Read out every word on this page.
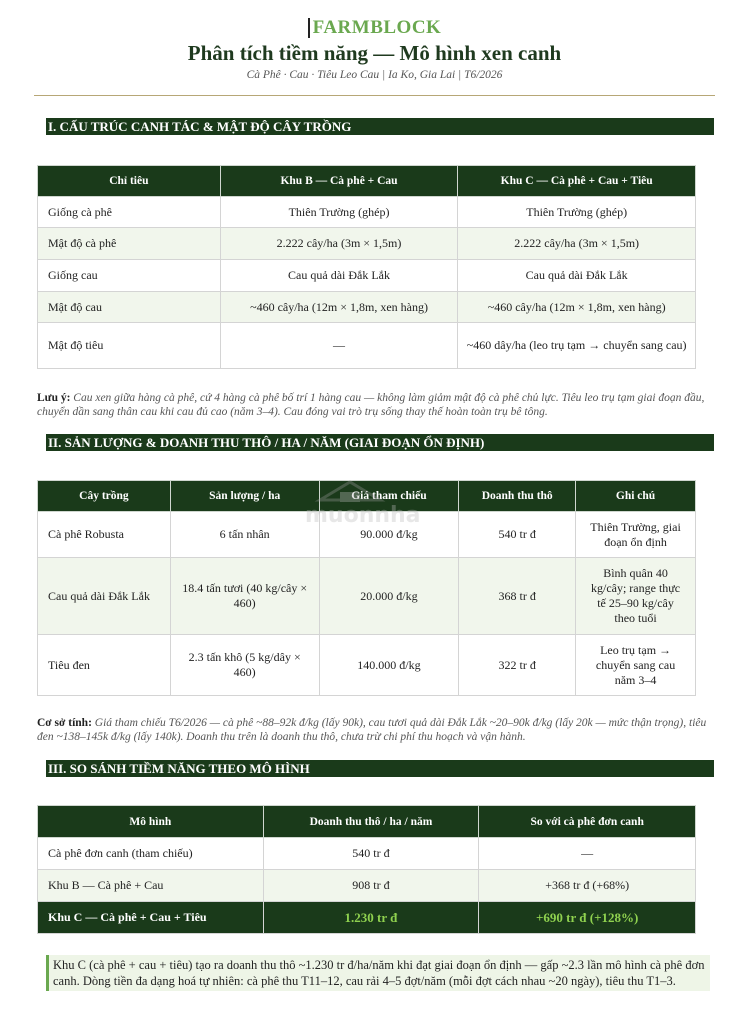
FARMBLOCK
Phân tích tiềm năng — Mô hình xen canh
Cà Phê · Cau · Tiêu Leo Cau | Ia Ko, Gia Lai | T6/2026
I. CẤU TRÚC CANH TÁC & MẬT ĐỘ CÂY TRỒNG
Chỉ tiêu	Khu B — Cà phê + Cau	Khu C — Cà phê + Cau + Tiêu
Giống cà phê	Thiên Trường (ghép)	Thiên Trường (ghép)
Mật độ cà phê	2.222 cây/ha (3m × 1,5m)	2.222 cây/ha (3m × 1,5m)
Giống cau	Cau quả dài Đắk Lắk	Cau quả dài Đắk Lắk
Mật độ cau	~460 cây/ha (12m × 1,8m, xen hàng)	~460 cây/ha (12m × 1,8m, xen hàng)
Mật độ tiêu	—	~460 dây/ha (leo trụ tạm → chuyển sang cau)
Lưu ý: Cau xen giữa hàng cà phê, cứ 4 hàng cà phê bố trí 1 hàng cau — không làm giảm mật độ cà phê chủ lực. Tiêu leo trụ tạm giai đoạn đầu, chuyển dần sang thân cau khi cau đủ cao (năm 3–4). Cau đóng vai trò trụ sống thay thế hoàn toàn trụ bê tông.
II. SẢN LƯỢNG & DOANH THU THÔ / HA / NĂM (GIAI ĐOẠN ỔN ĐỊNH)
Cây trồng	Sản lượng / ha	Giá tham chiếu	Doanh thu thô	Ghi chú
Cà phê Robusta	6 tấn nhân	90.000 đ/kg	540 tr đ	Thiên Trường, giai đoạn ổn định
Cau quả dài Đắk Lắk	18.4 tấn tươi (40 kg/cây × 460)	20.000 đ/kg	368 tr đ	Bình quân 40 kg/cây; range thực tế 25–90 kg/cây theo tuổi
Tiêu đen	2.3 tấn khô (5 kg/dây × 460)	140.000 đ/kg	322 tr đ	Leo trụ tạm → chuyển sang cau năm 3–4
muonnha
Cơ sở tính: Giá tham chiếu T6/2026 — cà phê ~88–92k đ/kg (lấy 90k), cau tươi quả dài Đắk Lắk ~20–90k đ/kg (lấy 20k — mức thận trọng), tiêu đen ~138–145k đ/kg (lấy 140k). Doanh thu trên là doanh thu thô, chưa trừ chi phí thu hoạch và vận hành.
III. SO SÁNH TIỀM NĂNG THEO MÔ HÌNH
Mô hình	Doanh thu thô / ha / năm	So với cà phê đơn canh
Cà phê đơn canh (tham chiếu)	540 tr đ	—
Khu B — Cà phê + Cau	908 tr đ	+368 tr đ (+68%)
Khu C — Cà phê + Cau + Tiêu	1.230 tr đ	+690 tr đ (+128%)
Khu C (cà phê + cau + tiêu) tạo ra doanh thu thô ~1.230 tr đ/ha/năm khi đạt giai đoạn ổn định — gấp ~2.3 lần mô hình cà phê đơn canh. Dòng tiền đa dạng hoá tự nhiên: cà phê thu T11–12, cau rải 4–5 đợt/năm (mỗi đợt cách nhau ~20 ngày), tiêu thu T1–3.
